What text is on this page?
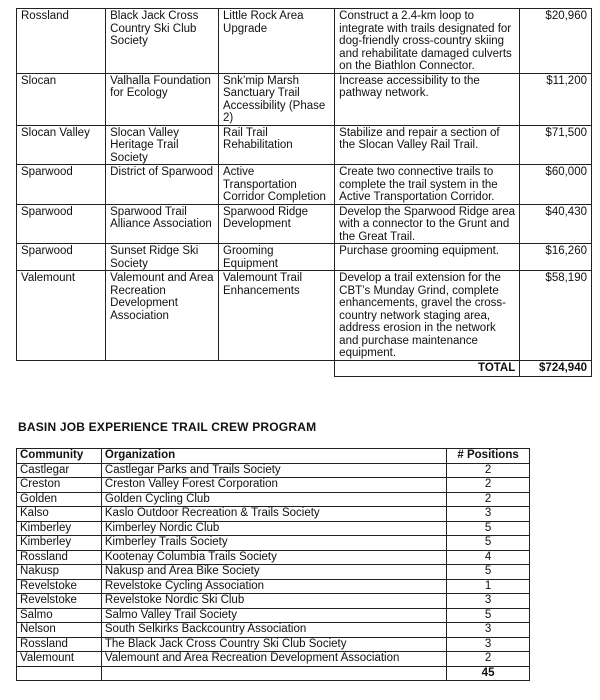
Rossland	Black Jack Cross Country Ski Club Society	Little Rock Area Upgrade	Construct a 2.4-km loop to integrate with trails designated for dog-friendly cross-country skiing and rehabilitate damaged culverts on the Biathlon Connector.	$20,960
Slocan	Valhalla Foundation for Ecology	Snk’mip Marsh Sanctuary Trail Accessibility (Phase 2)	Increase accessibility to the pathway network.	$11,200
Slocan Valley	Slocan Valley Heritage Trail Society	Rail Trail Rehabilitation	Stabilize and repair a section of the Slocan Valley Rail Trail.	$71,500
Sparwood	District of Sparwood	Active Transportation Corridor Completion	Create two connective trails to complete the trail system in the Active Transportation Corridor.	$60,000
Sparwood	Sparwood Trail Alliance Association	Sparwood Ridge Development	Develop the Sparwood Ridge area with a connector to the Grunt and the Great Trail.	$40,430
Sparwood	Sunset Ridge Ski Society	Grooming Equipment	Purchase grooming equipment.	$16,260
Valemount	Valemount and Area Recreation Development Association	Valemount Trail Enhancements	Develop a trail extension for the CBT’s Munday Grind, complete enhancements, gravel the cross-country network staging area, address erosion in the network and purchase maintenance equipment.	$58,190
			TOTAL	$724,940
BASIN JOB EXPERIENCE TRAIL CREW PROGRAM
Community	Organization	# Positions
Castlegar	Castlegar Parks and Trails Society	2
Creston	Creston Valley Forest Corporation	2
Golden	Golden Cycling Club	2
Kalso	Kaslo Outdoor Recreation & Trails Society	3
Kimberley	Kimberley Nordic Club	5
Kimberley	Kimberley Trails Society	5
Rossland	Kootenay Columbia Trails Society	4
Nakusp	Nakusp and Area Bike Society	5
Revelstoke	Revelstoke Cycling Association	1
Revelstoke	Revelstoke Nordic Ski Club	3
Salmo	Salmo Valley Trail Society	5
Nelson	South Selkirks Backcountry Association	3
Rossland	The Black Jack Cross Country Ski Club Society	3
Valemount	Valemount and Area Recreation Development Association	2
		45
